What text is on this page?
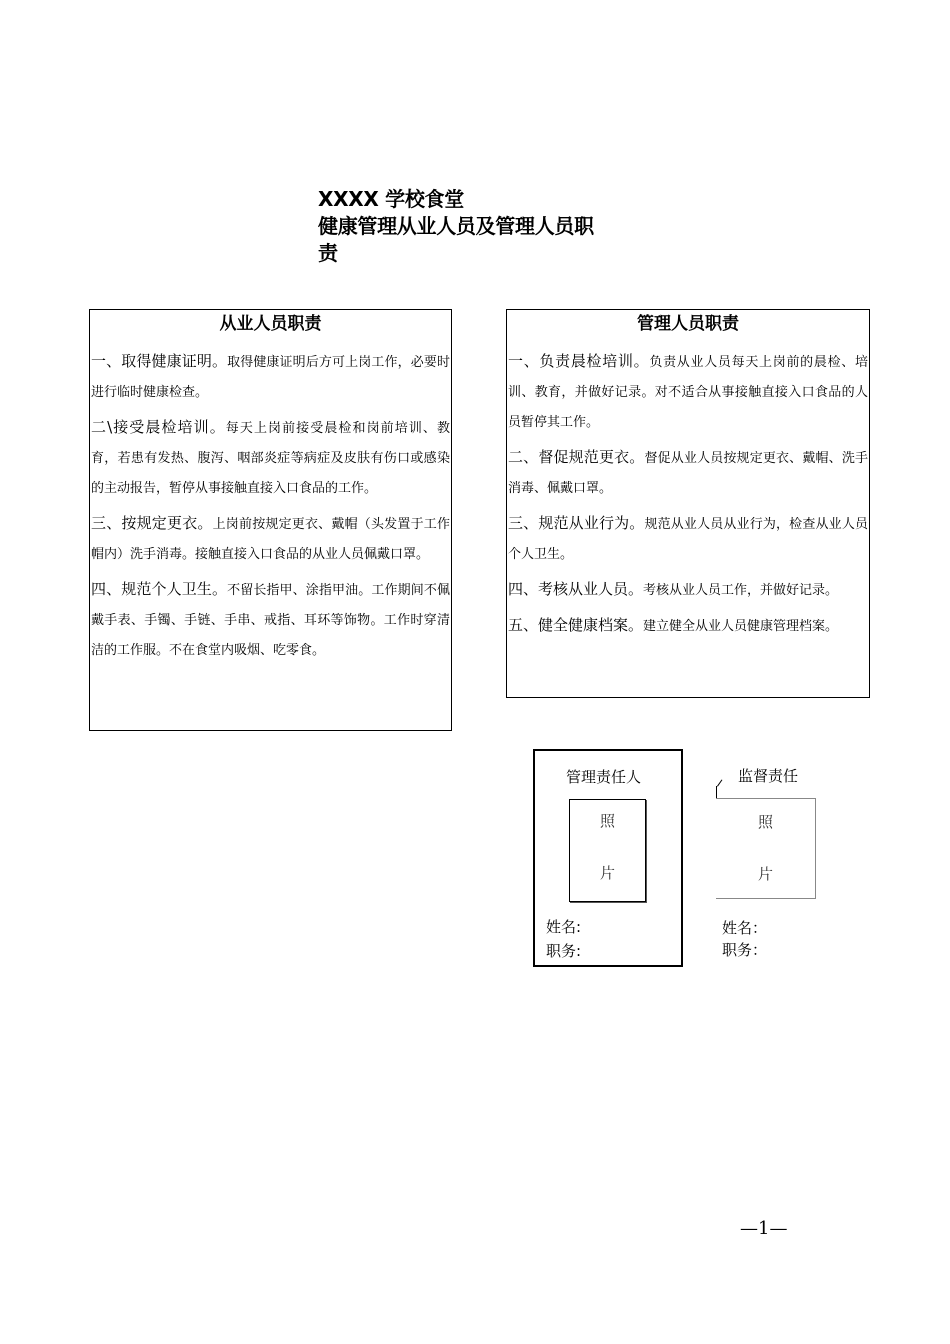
XXXX 学校食堂
健康管理从业人员及管理人员职
责
从业人员职责
一、取得健康证明。取得健康证明后方可上岗工作，必要时进行临时健康检查。
二\接受晨检培训。每天上岗前接受晨检和岗前培训、教育，若患有发热、腹泻、咽部炎症等病症及皮肤有伤口或感染的主动报告，暂停从事接触直接入口食品的工作。
三、按规定更衣。上岗前按规定更衣、戴帽（头发置于工作帽内）洗手消毒。接触直接入口食品的从业人员佩戴口罩。
四、规范个人卫生。不留长指甲、涂指甲油。工作期间不佩戴手表、手镯、手链、手串、戒指、耳环等饰物。工作时穿清洁的工作服。不在食堂内吸烟、吃零食。
管理人员职责
一、负责晨检培训。负责从业人员每天上岗前的晨检、培训、教育，并做好记录。对不适合从事接触直接入口食品的人员暂停其工作。
二、督促规范更衣。督促从业人员按规定更衣、戴帽、洗手消毒、佩戴口罩。
三、规范从业行为。规范从业人员从业行为，检查从业人员个人卫生。
四、考核从业人员。考核从业人员工作，并做好记录。
五、健全健康档案。建立健全从业人员健康管理档案。
管理责任人
照
片
姓名:
职务:
监督责任
照
片
姓名：
职务：
—1—
